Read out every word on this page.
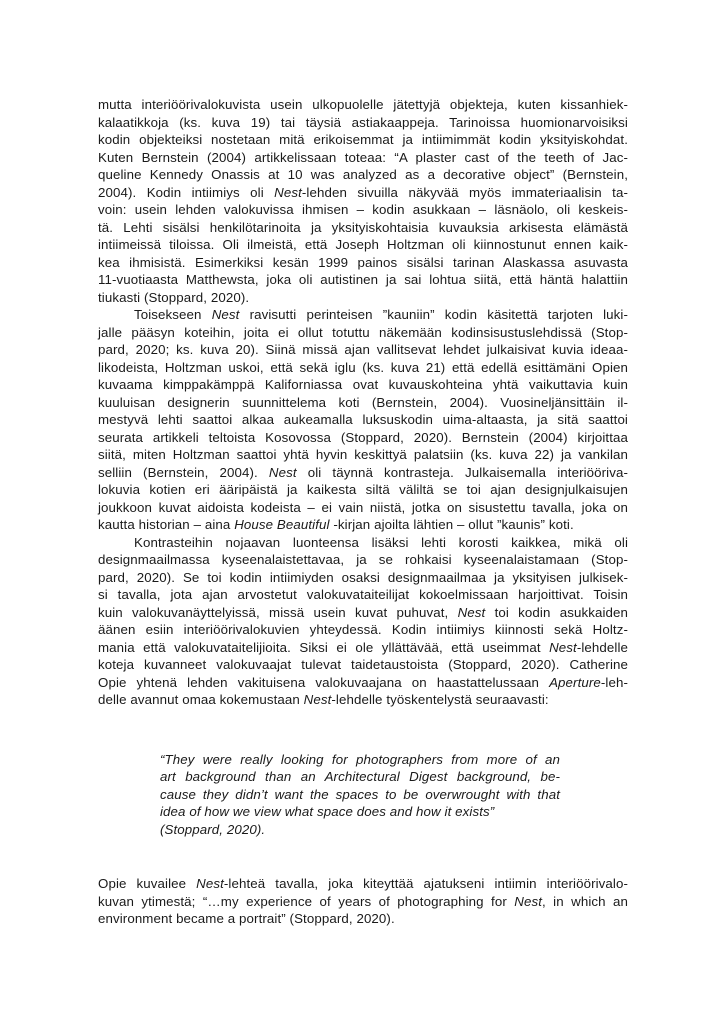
mutta interiöörivalokuvista usein ulkopuolelle jätettyjä objekteja, kuten kissanhiek-
kalaatikkoja (ks. kuva 19) tai täysiä astiakaappeja. Tarinoissa huomionarvoisiksi
kodin objekteiksi nostetaan mitä erikoisemmat ja intiimimmät kodin yksityiskohdat.
Kuten Bernstein (2004) artikkelissaan toteaa: “A plaster cast of the teeth of Jac-
queline Kennedy Onassis at 10 was analyzed as a decorative object” (Bernstein,
2004). Kodin intiimiys oli Nest-lehden sivuilla näkyvää myös immateriaalisin ta-
voin: usein lehden valokuvissa ihmisen – kodin asukkaan – läsnäolo, oli keskeis-
tä. Lehti sisälsi henkilötarinoita ja yksityiskohtaisia kuvauksia arkisesta elämästä
intiimeissä tiloissa. Oli ilmeistä, että Joseph Holtzman oli kiinnostunut ennen kaik-
kea ihmisistä. Esimerkiksi kesän 1999 painos sisälsi tarinan Alaskassa asuvasta
11-vuotiaasta Matthewsta, joka oli autistinen ja sai lohtua siitä, että häntä halattiin
tiukasti (Stoppard, 2020).
Toisekseen Nest ravisutti perinteisen ”kauniin” kodin käsitettä tarjoten luki-
jalle pääsyn koteihin, joita ei ollut totuttu näkemään kodinsisustuslehdissä (Stop-
pard, 2020; ks. kuva 20). Siinä missä ajan vallitsevat lehdet julkaisivat kuvia ideaa-
likodeista, Holtzman uskoi, että sekä iglu (ks. kuva 21) että edellä esittämäni Opien
kuvaama kimppakämppä Kaliforniassa ovat kuvauskohteina yhtä vaikuttavia kuin
kuuluisan designerin suunnittelema koti (Bernstein, 2004). Vuosineljänsittäin il-
mestyvä lehti saattoi alkaa aukeamalla luksuskodin uima-altaasta, ja sitä saattoi
seurata artikkeli teltoista Kosovossa (Stoppard, 2020). Bernstein (2004) kirjoittaa
siitä, miten Holtzman saattoi yhtä hyvin keskittyä palatsiin (ks. kuva 22) ja vankilan
selliin (Bernstein, 2004). Nest oli täynnä kontrasteja. Julkaisemalla interiööriva-
lokuvia kotien eri ääripäistä ja kaikesta siltä väliltä se toi ajan designjulkaisujen
joukkoon kuvat aidoista kodeista – ei vain niistä, jotka on sisustettu tavalla, joka on
kautta historian – aina House Beautiful -kirjan ajoilta lähtien – ollut ”kaunis” koti.
Kontrasteihin nojaavan luonteensa lisäksi lehti korosti kaikkea, mikä oli
designmaailmassa kyseenalaistettavaa, ja se rohkaisi kyseenalaistamaan (Stop-
pard, 2020). Se toi kodin intiimiyden osaksi designmaailmaa ja yksityisen julkisek-
si tavalla, jota ajan arvostetut valokuvataiteilijat kokoelmissaan harjoittivat. Toisin
kuin valokuvanäyttelyissä, missä usein kuvat puhuvat, Nest toi kodin asukkaiden
äänen esiin interiöörivalokuvien yhteydessä. Kodin intiimiys kiinnosti sekä Holtz-
mania että valokuvataitelijioita. Siksi ei ole yllättävää, että useimmat Nest-lehdelle
koteja kuvanneet valokuvaajat tulevat taidetaustoista (Stoppard, 2020). Catherine
Opie yhtenä lehden vakituisena valokuvaajana on haastattelussaan Aperture-leh-
delle avannut omaa kokemustaan Nest-lehdelle työskentelystä seuraavasti:
“They were really looking for photographers from more of an
art background than an Architectural Digest background, be-
cause they didn’t want the spaces to be overwrought with that
idea of how we view what space does and how it exists”
(Stoppard, 2020).
Opie kuvailee Nest-lehteä tavalla, joka kiteyttää ajatukseni intiimin interiöörivalo-
kuvan ytimestä; “…my experience of years of photographing for Nest, in which an
environment became a portrait” (Stoppard, 2020).
